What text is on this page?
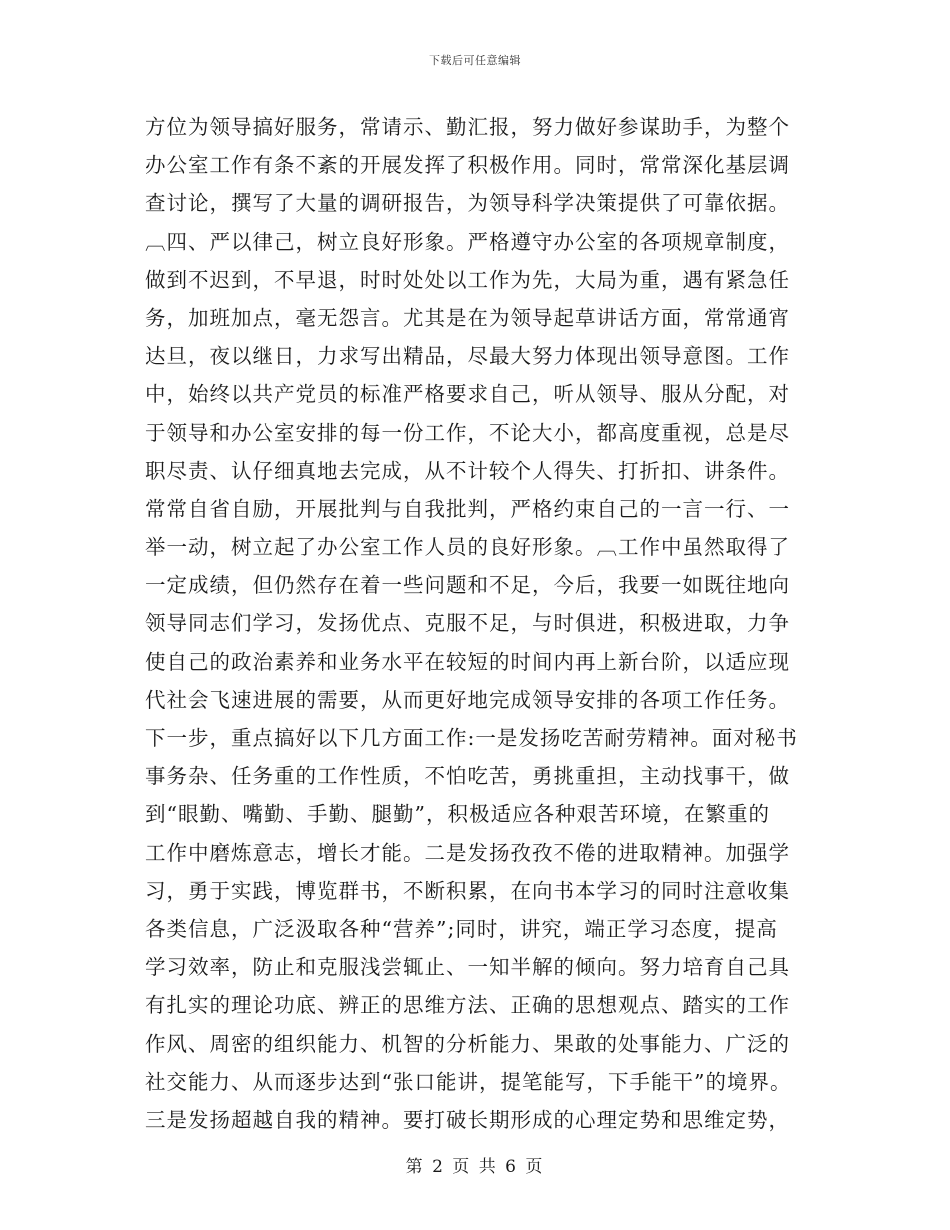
下载后可任意编辑
方位为领导搞好服务，常请示、勤汇报，努力做好参谋助手，为整个
办公室工作有条不紊的开展发挥了积极作用。同时，常常深化基层调
查讨论，撰写了大量的调研报告，为领导科学决策提供了可靠依据。
︹四、严以律己，树立良好形象。严格遵守办公室的各项规章制度，
做到不迟到，不早退，时时处处以工作为先，大局为重，遇有紧急任
务，加班加点，毫无怨言。尤其是在为领导起草讲话方面，常常通宵
达旦，夜以继日，力求写出精品，尽最大努力体现出领导意图。工作
中，始终以共产党员的标准严格要求自己，听从领导、服从分配，对
于领导和办公室安排的每一份工作，不论大小，都高度重视，总是尽
职尽责、认仔细真地去完成，从不计较个人得失、打折扣、讲条件。
常常自省自励，开展批判与自我批判，严格约束自己的一言一行、一
举一动，树立起了办公室工作人员的良好形象。︹工作中虽然取得了
一定成绩，但仍然存在着一些问题和不足，今后，我要一如既往地向
领导同志们学习，发扬优点、克服不足，与时俱进，积极进取，力争
使自己的政治素养和业务水平在较短的时间内再上新台阶，以适应现
代社会飞速进展的需要，从而更好地完成领导安排的各项工作任务。
下一步，重点搞好以下几方面工作:一是发扬吃苦耐劳精神。面对秘书
事务杂、任务重的工作性质，不怕吃苦，勇挑重担，主动找事干，做
到“眼勤、嘴勤、手勤、腿勤”，积极适应各种艰苦环境，在繁重的
工作中磨炼意志，增长才能。二是发扬孜孜不倦的进取精神。加强学
习，勇于实践，博览群书，不断积累，在向书本学习的同时注意收集
各类信息，广泛汲取各种“营养”;同时，讲究，端正学习态度，提高
学习效率，防止和克服浅尝辄止、一知半解的倾向。努力培育自己具
有扎实的理论功底、辨正的思维方法、正确的思想观点、踏实的工作
作风、周密的组织能力、机智的分析能力、果敢的处事能力、广泛的
社交能力、从而逐步达到“张口能讲，提笔能写，下手能干”的境界。
三是发扬超越自我的精神。要打破长期形成的心理定势和思维定势，
第 2 页 共 6 页
